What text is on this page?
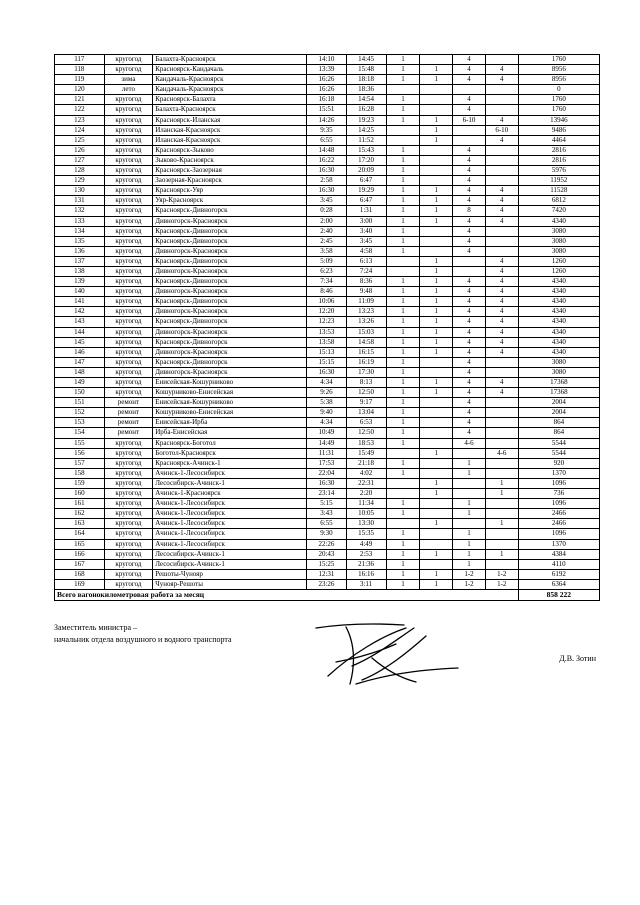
117	кругогод	Балахта-Красноярск	14:10	14:45	1		4		1760
118	кругогод	Красноярск-Кандачаль	13:39	15:48	1	1	4	4	8956
119	зима	Кандачаль-Красноярск	16:26	18:18	1	1	4	4	8956
120	лето	Кандачаль-Красноярск	16:26	18:36					0
121	кругогод	Красноярск-Балахта	16:18	14:54	1		4		1760
122	кругогод	Балахта-Красноярск	15:51	16:28	1		4		1760
123	кругогод	Красноярск-Иланская	14:26	19:23	1	1	6-10	4	13946
124	кругогод	Иланская-Красноярск	9:35	14:25		1		6-10	9486
125	кругогод	Иланская-Красноярск	6:55	11:52		1		4	4464
126	кругогод	Красноярск-Зыково	14:48	15:43	1		4		2816
127	кругогод	Зыково-Красноярск	16:22	17:20	1		4		2816
128	кругогод	Красноярск-Заозерная	16:30	20:09	1		4		5976
129	кругогод	Заозерная-Красноярск	2:58	6:47	1		4		11952
130	кругогод	Красноярск-Уяр	16:30	19:29	1	1	4	4	11528
131	кругогод	Уяр-Красноярск	3:45	6:47	1	1	4	4	6812
132	кругогод	Красноярск-Дивногорск	0:28	1:31	1	1	8	4	7420
133	кругогод	Дивногорск-Красноярск	2:00	3:00	1	1	4	4	4340
134	кругогод	Красноярск-Дивногорск	2:40	3:40	1		4		3080
135	кругогод	Красноярск-Дивногорск	2:45	3:45	1		4		3080
136	кругогод	Дивногорск-Красноярск	3:58	4:58	1		4		3080
137	кругогод	Красноярск-Дивногорск	5:09	6:13		1		4	1260
138	кругогод	Дивногорск-Красноярск	6:23	7:24		1		4	1260
139	кругогод	Красноярск-Дивногорск	7:34	8:36	1	1	4	4	4340
140	кругогод	Дивногорск-Красноярск	8:46	9:48	1	1	4	4	4340
141	кругогод	Красноярск-Дивногорск	10:06	11:09	1	1	4	4	4340
142	кругогод	Дивногорск-Красноярск	12:20	13:23	1	1	4	4	4340
143	кругогод	Красноярск-Дивногорск	12:23	13:26	1	1	4	4	4340
144	кругогод	Дивногорск-Красноярск	13:53	15:03	1	1	4	4	4340
145	кругогод	Красноярск-Дивногорск	13:58	14:58	1	1	4	4	4340
146	кругогод	Дивногорск-Красноярск	15:13	16:15	1	1	4	4	4340
147	кругогод	Красноярск-Дивногорск	15:15	16:19	1		4		3080
148	кругогод	Дивногорск-Красноярск	16:30	17:30	1		4		3080
149	кругогод	Енисейская-Кошурниково	4:34	8:13	1	1	4	4	17368
150	кругогод	Кошурниково-Енисейская	9:26	12:50	1	1	4	4	17368
151	ремонт	Енисейская-Кошурниково	5:38	9:17	1		4		2004
152	ремонт	Кошурниково-Енисейская	9:40	13:04	1		4		2004
153	ремонт	Енисейская-Ирба	4:34	6:53	1		4		864
154	ремонт	Ирба-Енисейская	10:49	12:50	1		4		864
155	кругогод	Красноярск-Боготол	14:49	18:53	1		4-6		5544
156	кругогод	Боготол-Красноярск	11:31	15:49		1		4-6	5544
157	кругогод	Красноярск-Ачинск-1	17:53	21:18	1		1		920
158	кругогод	Ачинск-1-Лесосибирск	22:04	4:02	1		1		1370
159	кругогод	Лесосибирск-Ачинск-1	16:30	22:31		1		1	1096
160	кругогод	Ачинск-1-Красноярск	23:14	2:20		1		1	736
161	кругогод	Ачинск-1-Лесосибирск	5:15	11:34	1		1		1096
162	кругогод	Ачинск-1-Лесосибирск	3:43	10:05	1		1		2466
163	кругогод	Ачинск-1-Лесосибирск	6:55	13:30		1		1	2466
164	кругогод	Ачинск-1-Лесосибирск	9:30	15:35	1		1		1096
165	кругогод	Ачинск-1-Лесосибирск	22:26	4:49	1		1		1370
166	кругогод	Лесосибирск-Ачинск-1	20:43	2:53	1	1	1	1	4384
167	кругогод	Лесосибирск-Ачинск-1	15:25	21:36	1		1		4110
168	кругогод	Решоты-Чунояр	12:31	16:16	1	1	1-2	1-2	6192
169	кругогод	Чунояр-Решоты	23:26	3:11	1	1	1-2	1-2	6364
Всего вагонокилометровая работа за месяц									858 222
Заместитель министра –
начальник отдела воздушного и водного транспорта
Д.В. Зотин
